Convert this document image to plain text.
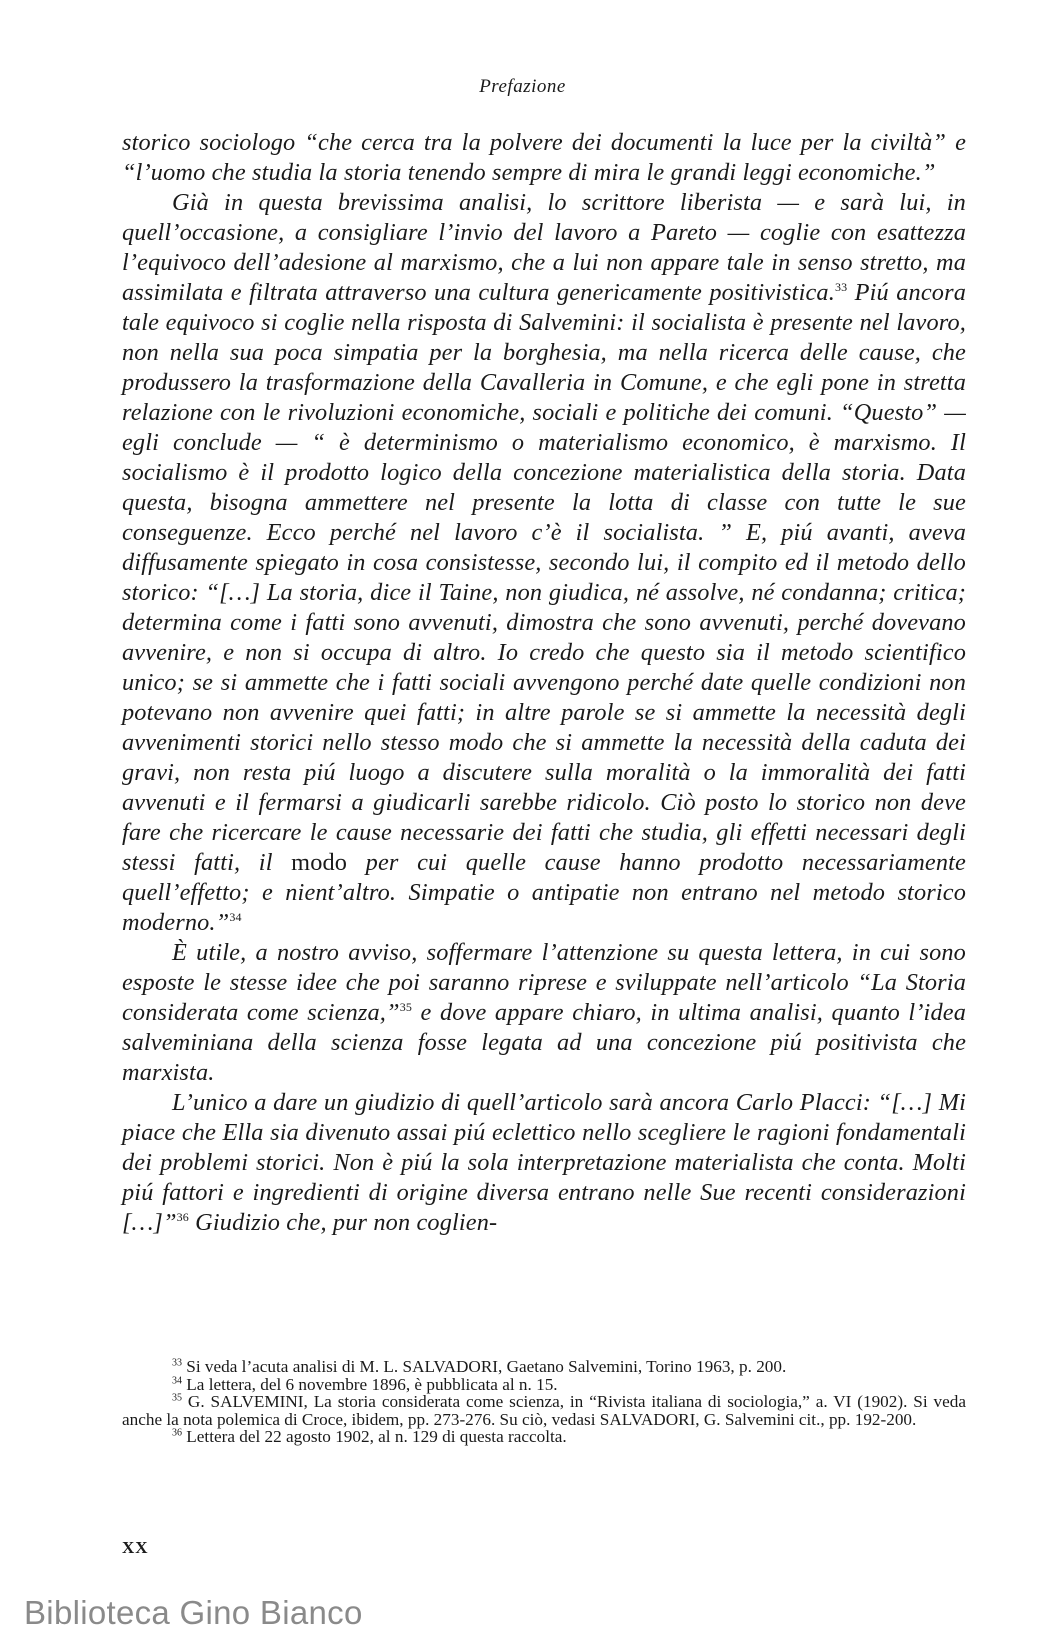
Prefazione

storico sociologo “che cerca tra la polvere dei documenti la luce per la civiltà” e “l’uomo che studia la storia tenendo sempre di mira le grandi leggi economiche.”

Già in questa brevissima analisi, lo scrittore liberista — e sarà lui, in quell’occasione, a consigliare l’invio del lavoro a Pareto — coglie con esattezza l’equivoco dell’adesione al marxismo, che a lui non appare tale in senso stretto, ma assimilata e filtrata attraverso una cultura genericamente positivistica.$^{33}$ Piú ancora tale equivoco si coglie nella risposta di Salvemini: il socialista è presente nel lavoro, non nella sua poca simpatia per la borghesia, ma nella ricerca delle cause, che produssero la trasformazione della Cavalleria in Comune, e che egli pone in stretta relazione con le rivoluzioni economiche, sociali e politiche dei comuni. “Questo” — egli conclude — “ è determinismo o materialismo economico, è marxismo. Il socialismo è il prodotto logico della concezione materialistica della storia. Data questa, bisogna ammettere nel presente la lotta di classe con tutte le sue conseguenze. Ecco perché nel lavoro c’è il socialista. ” E, piú avanti, aveva diffusamente spiegato in cosa consistesse, secondo lui, il compito ed il metodo dello storico: “[…] La storia, dice il Taine, non giudica, né assolve, né condanna; critica; determina come i fatti sono avvenuti, dimostra che sono avvenuti, perché dovevano avvenire, e non si occupa di altro. Io credo che questo sia il metodo scientifico unico; se si ammette che i fatti sociali avvengono perché date quelle condizioni non potevano non avvenire quei fatti; in altre parole se si ammette la necessità degli avvenimenti storici nello stesso modo che si ammette la necessità della caduta dei gravi, non resta piú luogo a discutere sulla moralità o la immoralità dei fatti avvenuti e il fermarsi a giudicarli sarebbe ridicolo. Ciò posto lo storico non deve fare che ricercare le cause necessarie dei fatti che studia, gli effetti necessari degli stessi fatti, il modo per cui quelle cause hanno prodotto necessariamente quell’effetto; e nient’altro. Simpatie o antipatie non entrano nel metodo storico moderno.”$^{34}$

È utile, a nostro avviso, soffermare l’attenzione su questa lettera, in cui sono esposte le stesse idee che poi saranno riprese e sviluppate nell’articolo “La Storia considerata come scienza,”$^{35}$ e dove appare chiaro, in ultima analisi, quanto l’idea salveminiana della scienza fosse legata ad una concezione piú positivista che marxista.

L’unico a dare un giudizio di quell’articolo sarà ancora Carlo Placci: “[…] Mi piace che Ella sia divenuto assai piú eclettico nello scegliere le ragioni fondamentali dei problemi storici. Non è piú la sola interpretazione materialista che conta. Molti piú fattori e ingredienti di origine diversa entrano nelle Sue recenti considerazioni […]”$^{36}$ Giudizio che, pur non coglien-

$^{33}$ Si veda l’acuta analisi di M. L. SALVADORI, Gaetano Salvemini, Torino 1963, p. 200.

$^{34}$ La lettera, del 6 novembre 1896, è pubblicata al n. 15.

$^{35}$ G. SALVEMINI, La storia considerata come scienza, in “Rivista italiana di sociologia,” a. VI (1902). Si veda anche la nota polemica di Croce, ibidem, pp. 273-276. Su ciò, vedasi SALVADORI, G. Salvemini cit., pp. 192-200.

$^{36}$ Lettera del 22 agosto 1902, al n. 129 di questa raccolta.

XX
Biblioteca Gino Bianco
